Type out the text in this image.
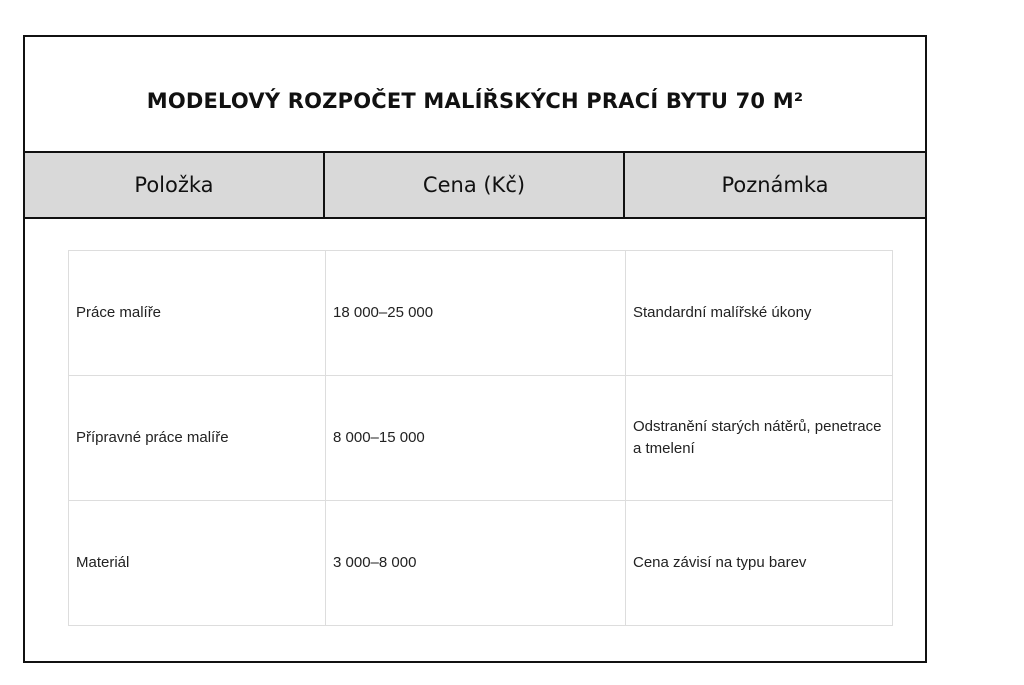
MODELOVÝ ROZPOČET MALÍŘSKÝCH PRACÍ BYTU 70 M²
Položka	Cena (Kč)	Poznámka
Práce malíře	18 000–25 000	Standardní malířské úkony
Přípravné práce malíře	8 000–15 000	Odstranění starých nátěrů, penetrace a tmelení
Materiál	3 000–8 000	Cena závisí na typu barev
